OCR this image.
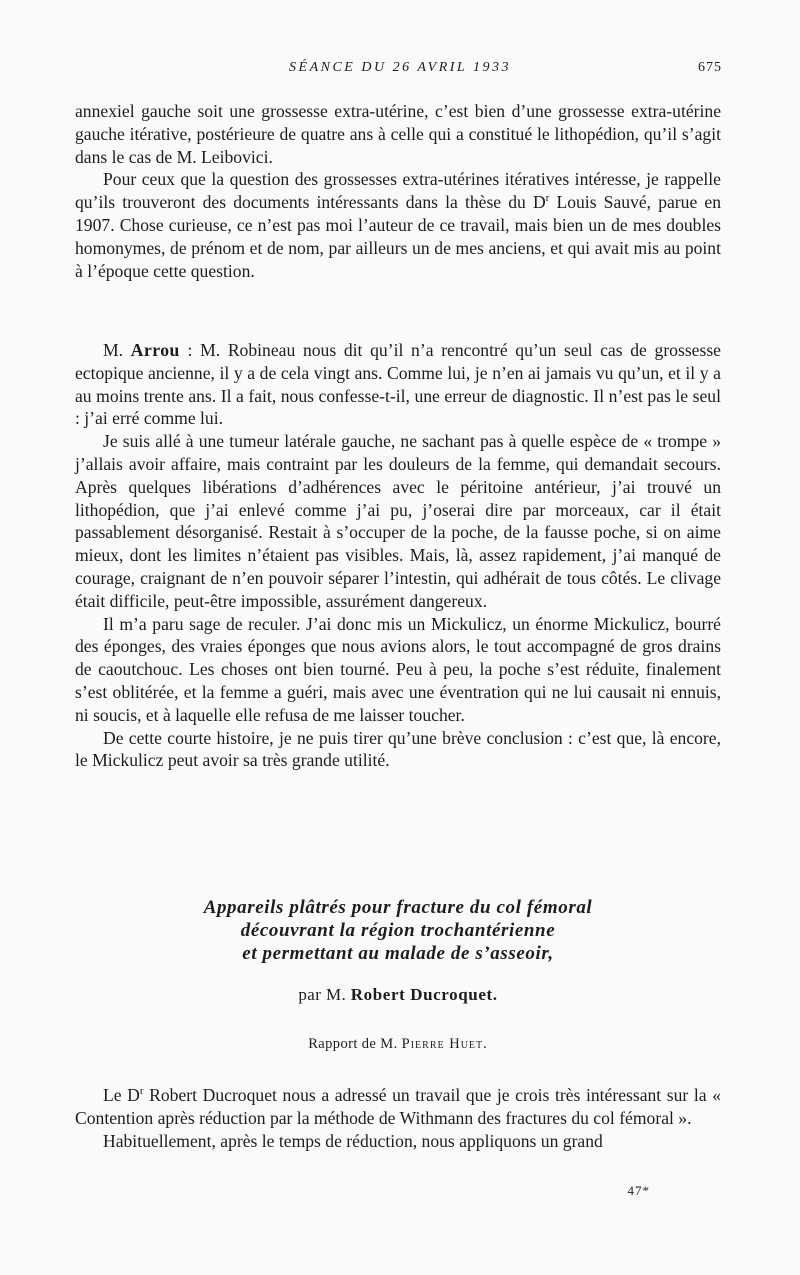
SÉANCE DU 26 AVRIL 1933	675

annexiel gauche soit une grossesse extra-utérine, c’est bien d’une grossesse extra-utérine gauche itérative, postérieure de quatre ans à celle qui a constitué le lithopédion, qu’il s’agit dans le cas de M. Leibovici.

Pour ceux que la question des grossesses extra-utérines itératives intéresse, je rappelle qu’ils trouveront des documents intéressants dans la thèse du $D^r$ Louis Sauvé, parue en 1907. Chose curieuse, ce n’est pas moi l’auteur de ce travail, mais bien un de mes doubles homonymes, de prénom et de nom, par ailleurs un de mes anciens, et qui avait mis au point à l’époque cette question.

M. Arrou : M. Robineau nous dit qu’il n’a rencontré qu’un seul cas de grossesse ectopique ancienne, il y a de cela vingt ans. Comme lui, je n’en ai jamais vu qu’un, et il y a au moins trente ans. Il a fait, nous confesse-t-il, une erreur de diagnostic. Il n’est pas le seul : j’ai erré comme lui.

Je suis allé à une tumeur latérale gauche, ne sachant pas à quelle espèce de « trompe » j’allais avoir affaire, mais contraint par les douleurs de la femme, qui demandait secours. Après quelques libérations d’adhérences avec le péritoine antérieur, j’ai trouvé un lithopédion, que j’ai enlevé comme j’ai pu, j’oserai dire par morceaux, car il était passablement désorganisé. Restait à s’occuper de la poche, de la fausse poche, si on aime mieux, dont les limites n’étaient pas visibles. Mais, là, assez rapidement, j’ai manqué de courage, craignant de n’en pouvoir séparer l’intestin, qui adhérait de tous côtés. Le clivage était difficile, peut-être impossible, assurément dangereux.

Il m’a paru sage de reculer. J’ai donc mis un Mickulicz, un énorme Mickulicz, bourré des éponges, des vraies éponges que nous avions alors, le tout accompagné de gros drains de caoutchouc. Les choses ont bien tourné. Peu à peu, la poche s’est réduite, finalement s’est oblitérée, et la femme a guéri, mais avec une éventration qui ne lui causait ni ennuis, ni soucis, et à laquelle elle refusa de me laisser toucher.

De cette courte histoire, je ne puis tirer qu’une brève conclusion : c’est que, là encore, le Mickulicz peut avoir sa très grande utilité.

Appareils plâtrés pour fracture du col fémoral
découvrant la région trochantérienne
et permettant au malade de s’asseoir,
par M. Robert Ducroquet.
Rapport de M. Pierre Huet.

Le $D^r$ Robert Ducroquet nous a adressé un travail que je crois très intéressant sur la « Contention après réduction par la méthode de Withmann des fractures du col fémoral ».

Habituellement, après le temps de réduction, nous appliquons un grand

47*
